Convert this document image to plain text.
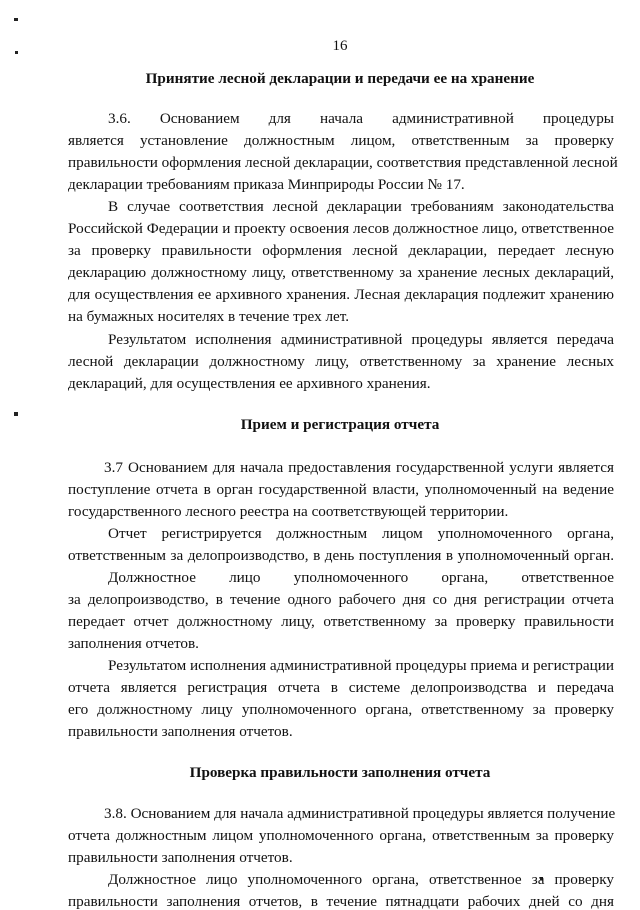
16
Принятие лесной декларации и передачи ее на хранение
3.6. Основанием для начала административной процедуры
является установление должностным лицом, ответственным за проверку
правильности оформления лесной декларации, соответствия представленной лесной
декларации требованиям приказа Минприроды России № 17.
В случае соответствия лесной декларации требованиям законодательства
Российской Федерации и проекту освоения лесов должностное лицо, ответственное
за проверку правильности оформления лесной декларации, передает лесную
декларацию должностному лицу, ответственному за хранение лесных деклараций,
для осуществления ее архивного хранения. Лесная декларация подлежит хранению
на бумажных носителях в течение трех лет.
Результатом исполнения административной процедуры является передача
лесной декларации должностному лицу, ответственному за хранение лесных
деклараций, для осуществления ее архивного хранения.
Прием и регистрация отчета
3.7 Основанием для начала предоставления государственной услуги является
поступление отчета в орган государственной власти, уполномоченный на ведение
государственного лесного реестра на соответствующей территории.
Отчет регистрируется должностным лицом уполномоченного органа,
ответственным за делопроизводство, в день поступления в уполномоченный орган.
Должностное лицо уполномоченного органа, ответственное
за делопроизводство, в течение одного рабочего дня со дня регистрации отчета
передает отчет должностному лицу, ответственному за проверку правильности
заполнения отчетов.
Результатом исполнения административной процедуры приема и регистрации
отчета является регистрация отчета в системе делопроизводства и передача
его должностному лицу уполномоченного органа, ответственному за проверку
правильности заполнения отчетов.
Проверка правильности заполнения отчета
3.8. Основанием для начала административной процедуры является получение
отчета должностным лицом уполномоченного органа, ответственным за проверку
правильности заполнения отчетов.
Должностное лицо уполномоченного органа, ответственное за проверку
правильности заполнения отчетов, в течение пятнадцати рабочих дней со дня
